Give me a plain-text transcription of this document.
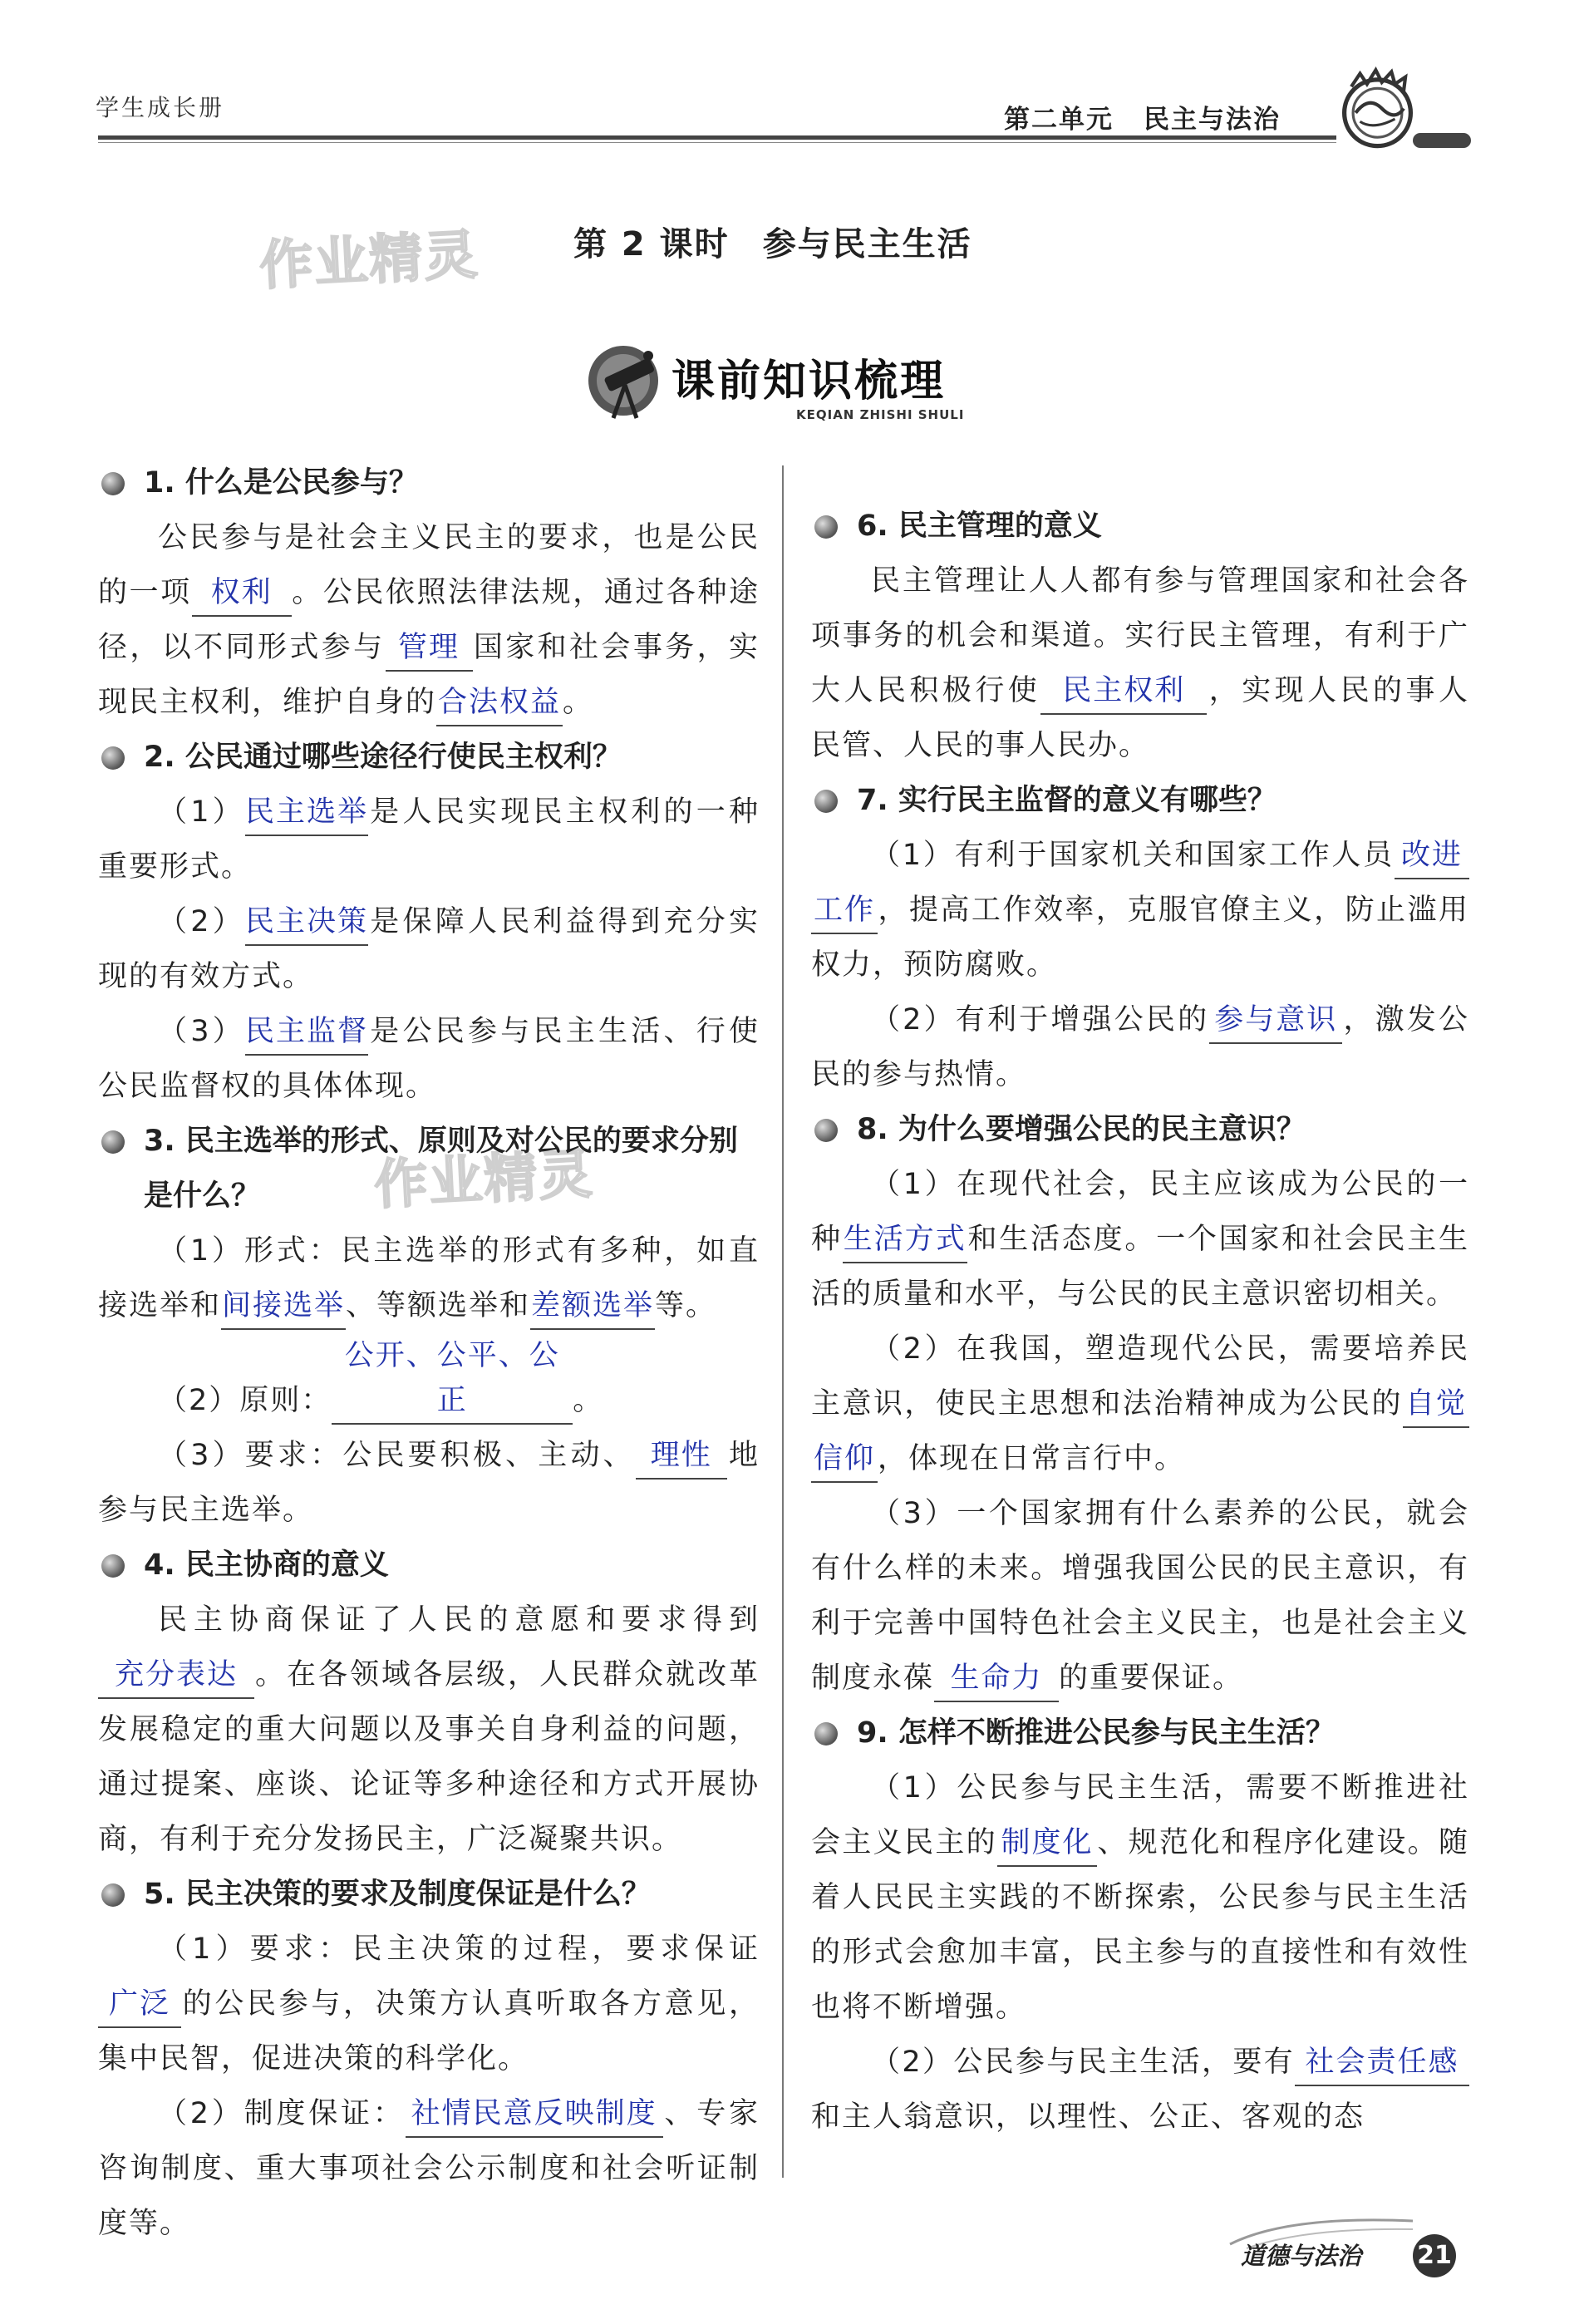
学生成长册	第二单元 民主与法治
作业精灵
作业精灵
第 2 课时 参与民主生活
课前知识梳理
KEQIAN ZHISHI SHULI
1. 什么是公民参与？
公民参与是社会主义民主的要求，也是公民的一项 权利 。公民依照法律法规，通过各种途径，以不同形式参与 管理 国家和社会事务，实现民主权利，维护自身的合法权益。
2. 公民通过哪些途径行使民主权利？
（1）民主选举是人民实现民主权利的一种重要形式。
（2）民主决策是保障人民利益得到充分实现的有效方式。
（3）民主监督是公民参与民主生活、行使公民监督权的具体体现。
3. 民主选举的形式、原则及对公民的要求分别是什么？
（1）形式：民主选举的形式有多种，如直接选举和间接选举、等额选举和差额选举等。
（2）原则：公开、公平、公正	。
（3）要求：公民要积极、主动、 理性 地参与民主选举。
4. 民主协商的意义
民主协商保证了人民的意愿和要求得到充分表达 。在各领域各层级，人民群众就改革发展稳定的重大问题以及事关自身利益的问题，通过提案、座谈、论证等多种途径和方式开展协商，有利于充分发扬民主，广泛凝聚共识。
5. 民主决策的要求及制度保证是什么？
（1）要求：民主决策的过程，要求保证广泛 的公民参与，决策方认真听取各方意见，集中民智，促进决策的科学化。
（2）制度保证： 社情民意反映制度 、专家咨询制度、重大事项社会公示制度和社会听证制度等。
6. 民主管理的意义
民主管理让人人都有参与管理国家和社会各项事务的机会和渠道。实行民主管理，有利于广大人民积极行使 民主权利 ，实现人民的事人民管、人民的事人民办。
7. 实行民主监督的意义有哪些？
（1）有利于国家机关和国家工作人员 改进工作，提高工作效率，克服官僚主义，防止滥用权力，预防腐败。
（2）有利于增强公民的 参与意识 ，激发公民的参与热情。
8. 为什么要增强公民的民主意识？
（1）在现代社会，民主应该成为公民的一种生活方式和生活态度。一个国家和社会民主生活的质量和水平，与公民的民主意识密切相关。
（2）在我国，塑造现代公民，需要培养民主意识，使民主思想和法治精神成为公民的自觉信仰，体现在日常言行中。
（3）一个国家拥有什么素养的公民，就会有什么样的未来。增强我国公民的民主意识，有利于完善中国特色社会主义民主，也是社会主义制度永葆 生命力 的重要保证。
9. 怎样不断推进公民参与民主生活？
（1）公民参与民主生活，需要不断推进社会主义民主的 制度化 、规范化和程序化建设。随着人民民主实践的不断探索，公民参与民主生活的形式会愈加丰富，民主参与的直接性和有效性也将不断增强。
（2）公民参与民主生活，要有 社会责任感和主人翁意识，以理性、公正、客观的态
道德与法治 21
